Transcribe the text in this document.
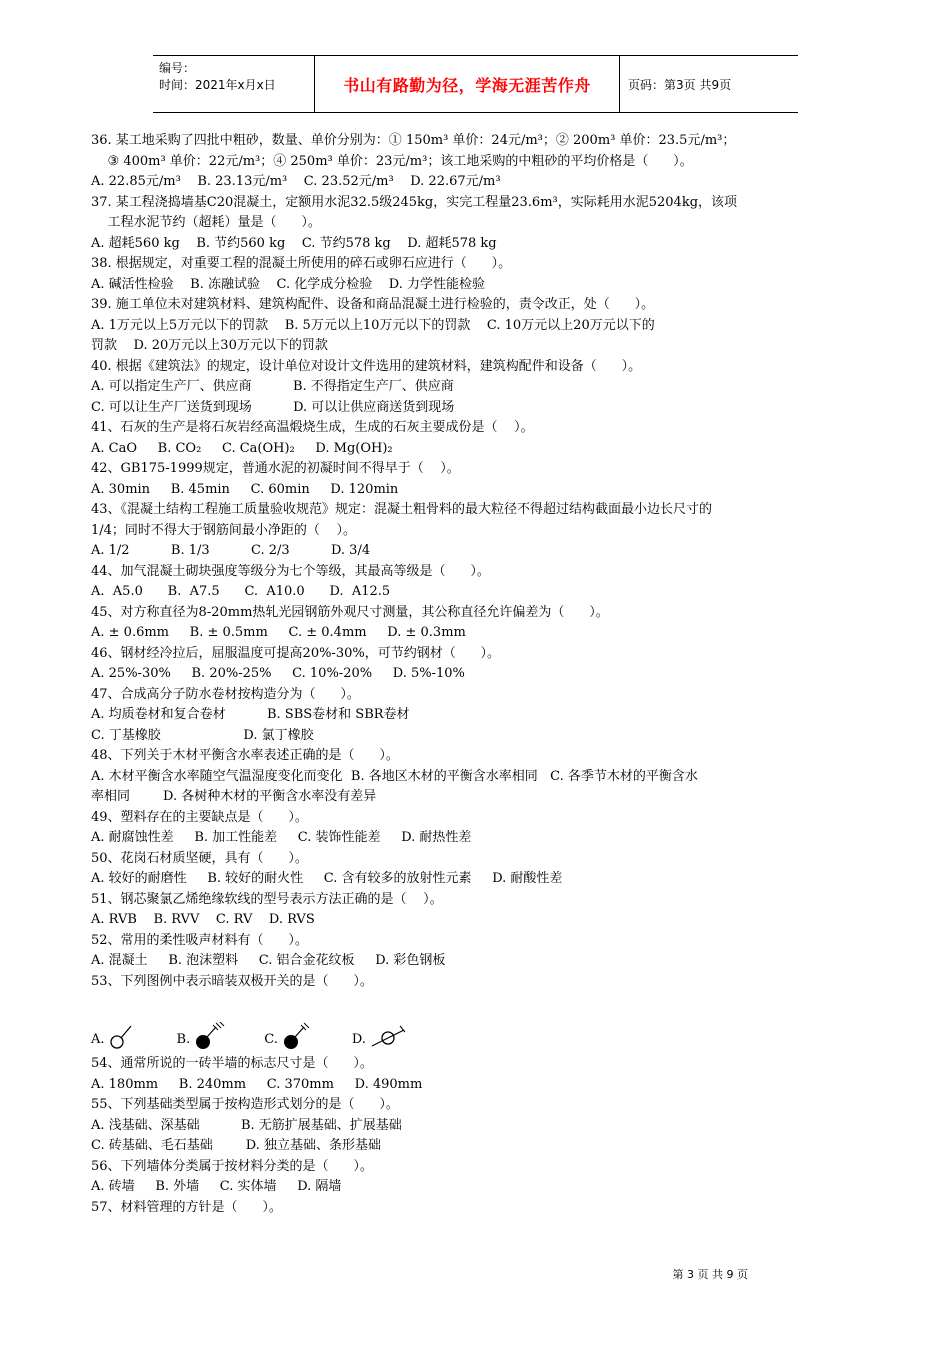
编号：
时间：2021年x月x日	书山有路勤为径，学海无涯苦作舟	页码：第3页 共9页
36. 某工地采购了四批中粗砂，数量、单价分别为：① 150m³ 单价：24元/m³；② 200m³ 单价：23.5元/m³；
③ 400m³ 单价：22元/m³；④ 250m³ 单价：23元/m³；该工地采购的中粗砂的平均价格是（      ）。
A. 22.85元/m³    B. 23.13元/m³    C. 23.52元/m³    D. 22.67元/m³
37. 某工程浇捣墙基C20混凝土，定额用水泥32.5级245kg，实完工程量23.6m³，实际耗用水泥5204kg，该项
工程水泥节约（超耗）量是（      ）。
A. 超耗560 kg    B. 节约560 kg    C. 节约578 kg    D. 超耗578 kg
38. 根据规定，对重要工程的混凝土所使用的碎石或卵石应进行（      ）。
A. 碱活性检验    B. 冻融试验    C. 化学成分检验    D. 力学性能检验
39. 施工单位未对建筑材料、建筑构配件、设备和商品混凝土进行检验的，责令改正，处（      ）。
A. 1万元以上5万元以下的罚款    B. 5万元以上10万元以下的罚款    C. 10万元以上20万元以下的
罚款    D. 20万元以上30万元以下的罚款
40. 根据《建筑法》的规定，设计单位对设计文件选用的建筑材料，建筑构配件和设备（      ）。
A. 可以指定生产厂、供应商          B. 不得指定生产厂、供应商
C. 可以让生产厂送货到现场          D. 可以让供应商送货到现场
41、石灰的生产是将石灰岩经高温煅烧生成，生成的石灰主要成份是（    ）。
A. CaO     B. CO₂     C. Ca(OH)₂     D. Mg(OH)₂
42、GB175-1999规定，普通水泥的初凝时间不得早于（    ）。
A. 30min     B. 45min     C. 60min     D. 120min
43、《混凝土结构工程施工质量验收规范》规定：混凝土粗骨料的最大粒径不得超过结构截面最小边长尺寸的
1/4；同时不得大于钢筋间最小净距的（    ）。
A. 1/2          B. 1/3          C. 2/3          D. 3/4
44、加气混凝土砌块强度等级分为七个等级，其最高等级是（      ）。
A.  A5.0      B.  A7.5      C.  A10.0      D.  A12.5
45、对方称直径为8-20mm热轧光园钢筋外观尺寸测量，其公称直径允许偏差为（      ）。
A. ± 0.6mm     B. ± 0.5mm     C. ± 0.4mm     D. ± 0.3mm
46、钢材经冷拉后，屈服温度可提高20%-30%，可节约钢材（      ）。
A. 25%-30%     B. 20%-25%     C. 10%-20%     D. 5%-10%
47、合成高分子防水卷材按构造分为（      ）。
A. 均质卷材和复合卷材          B. SBS卷材和 SBR卷材
C. 丁基橡胶                    D. 氯丁橡胶
48、下列关于木材平衡含水率表述正确的是（      ）。
A. 木材平衡含水率随空气温湿度变化而变化  B. 各地区木材的平衡含水率相同   C. 各季节木材的平衡含水
率相同        D. 各树种木材的平衡含水率没有差异
49、塑料存在的主要缺点是（      ）。
A. 耐腐蚀性差     B. 加工性能差     C. 装饰性能差     D. 耐热性差
50、花岗石材质坚硬，具有（      ）。
A. 较好的耐磨性     B. 较好的耐火性     C. 含有较多的放射性元素     D. 耐酸性差
51、钢芯聚氯乙烯绝缘软线的型号表示方法正确的是（    ）。
A. RVB    B. RVV    C. RV    D. RVS
52、常用的柔性吸声材料有（      ）。
A. 混凝土     B. 泡沫塑料     C. 铝合金花纹板     D. 彩色钢板
53、下列图例中表示暗装双极开关的是（      ）。
A.	B.	C.	D.
54、通常所说的一砖半墙的标志尺寸是（      ）。
A. 180mm     B. 240mm     C. 370mm     D. 490mm
55、下列基础类型属于按构造形式划分的是（      ）。
A. 浅基础、深基础          B. 无筋扩展基础、扩展基础
C. 砖基础、毛石基础        D. 独立基础、条形基础
56、下列墙体分类属于按材料分类的是（      ）。
A. 砖墙     B. 外墙     C. 实体墙     D. 隔墙
57、材料管理的方针是（      ）。
第 3 页 共 9 页
